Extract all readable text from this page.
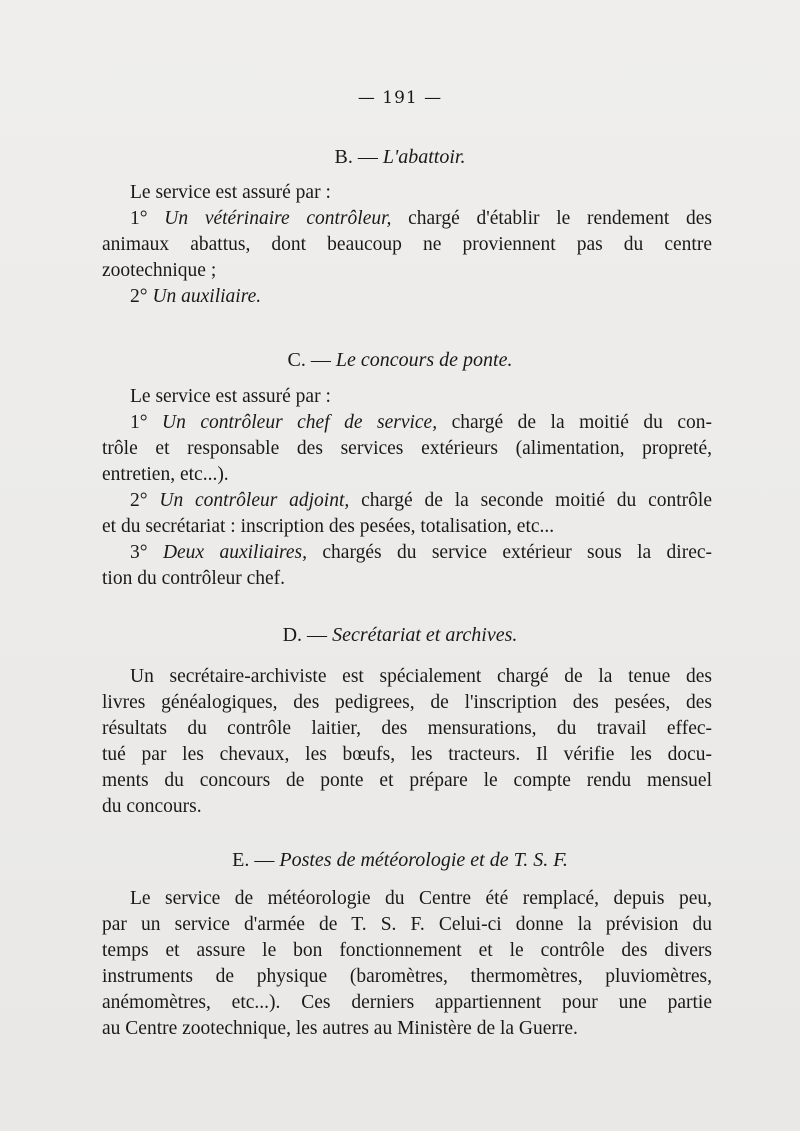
— 191 —
B. — L'abattoir.
Le service est assuré par :
1° Un vétérinaire contrôleur, chargé d'établir le rendement des
animaux abattus, dont beaucoup ne proviennent pas du centre
zootechnique ;
2° Un auxiliaire.
C. — Le concours de ponte.
Le service est assuré par :
1° Un contrôleur chef de service, chargé de la moitié du con-
trôle et responsable des services extérieurs (alimentation, propreté,
entretien, etc...).
2° Un contrôleur adjoint, chargé de la seconde moitié du contrôle
et du secrétariat : inscription des pesées, totalisation, etc...
3° Deux auxiliaires, chargés du service extérieur sous la direc-
tion du contrôleur chef.
D. — Secrétariat et archives.
Un secrétaire-archiviste est spécialement chargé de la tenue des
livres généalogiques, des pedigrees, de l'inscription des pesées, des
résultats du contrôle laitier, des mensurations, du travail effec-
tué par les chevaux, les bœufs, les tracteurs. Il vérifie les docu-
ments du concours de ponte et prépare le compte rendu mensuel
du concours.
E. — Postes de météorologie et de T. S. F.
Le service de météorologie du Centre été remplacé, depuis peu,
par un service d'armée de T. S. F. Celui-ci donne la prévision du
temps et assure le bon fonctionnement et le contrôle des divers
instruments de physique (baromètres, thermomètres, pluviomètres,
anémomètres, etc...). Ces derniers appartiennent pour une partie
au Centre zootechnique, les autres au Ministère de la Guerre.
